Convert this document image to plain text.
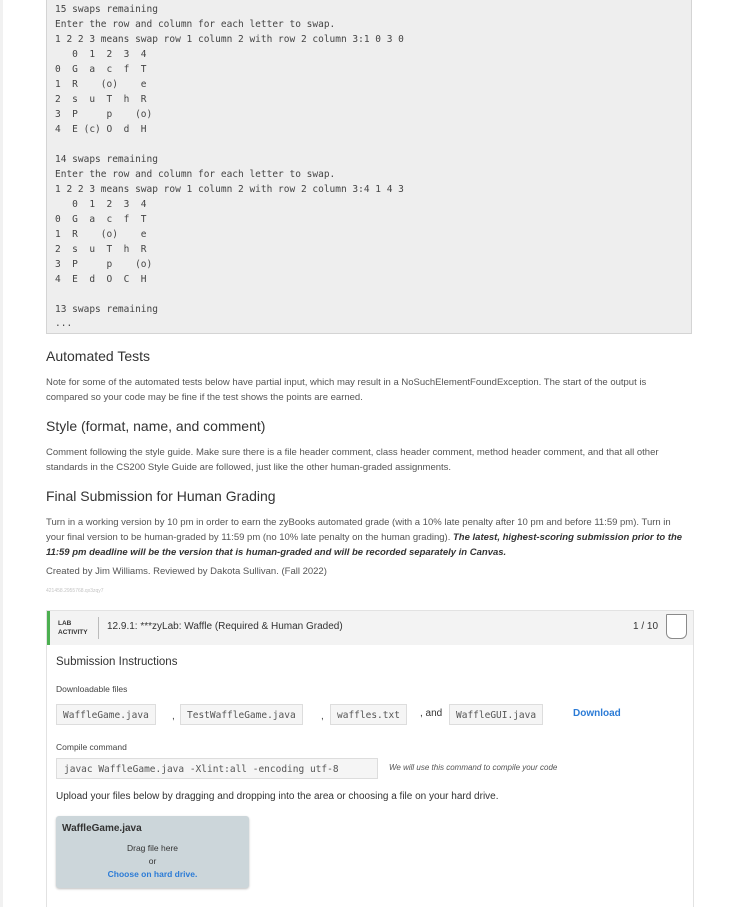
15 swaps remaining
Enter the row and column for each letter to swap.
1 2 2 3 means swap row 1 column 2 with row 2 column 3:1 0 3 0
0  1  2  3  4
0  G  a  c  f  T
1  R    (o)    e
2  s  u  T  h  R
3  P     p    (o)
4  E (c) O  d  H
14 swaps remaining
Enter the row and column for each letter to swap.
1 2 2 3 means swap row 1 column 2 with row 2 column 3:4 1 4 3
0  1  2  3  4
0  G  a  c  f  T
1  R    (o)    e
2  s  u  T  h  R
3  P     p    (o)
4  E  d  O  C  H
13 swaps remaining
...
Automated Tests

Note for some of the automated tests below have partial input, which may result in a NoSuchElementFoundException. The start of the output is compared so your code may be fine if the test shows the points are earned.

Style (format, name, and comment)

Comment following the style guide. Make sure there is a file header comment, class header comment, method header comment, and that all other standards in the CS200 Style Guide are followed, just like the other human-graded assignments.

Final Submission for Human Grading

Turn in a working version by 10 pm in order to earn the zyBooks automated grade (with a 10% late penalty after 10 pm and before 11:59 pm). Turn in your final version to be human-graded by 11:59 pm (no 10% late penalty on the human grading). The latest, highest-scoring submission prior to the 11:59 pm deadline will be the version that is human-graded and will be recorded separately in Canvas.

Created by Jim Williams. Reviewed by Dakota Sullivan. (Fall 2022)
421458.2955768.qx3zqy7
LAB
ACTIVITY
12.9.1: ***zyLab: Waffle (Required & Human Graded)	1 / 10
Submission Instructions
Downloadable files
WaffleGame.java	,	TestWaffleGame.java	,	waffles.txt	, and	WaffleGUI.java	Download
Compile command
javac WaffleGame.java -Xlint:all -encoding utf-8	We will use this command to compile your code
Upload your files below by dragging and dropping into the area or choosing a file on your hard drive.
WaffleGame.java
Drag file here
or
Choose on hard drive.
